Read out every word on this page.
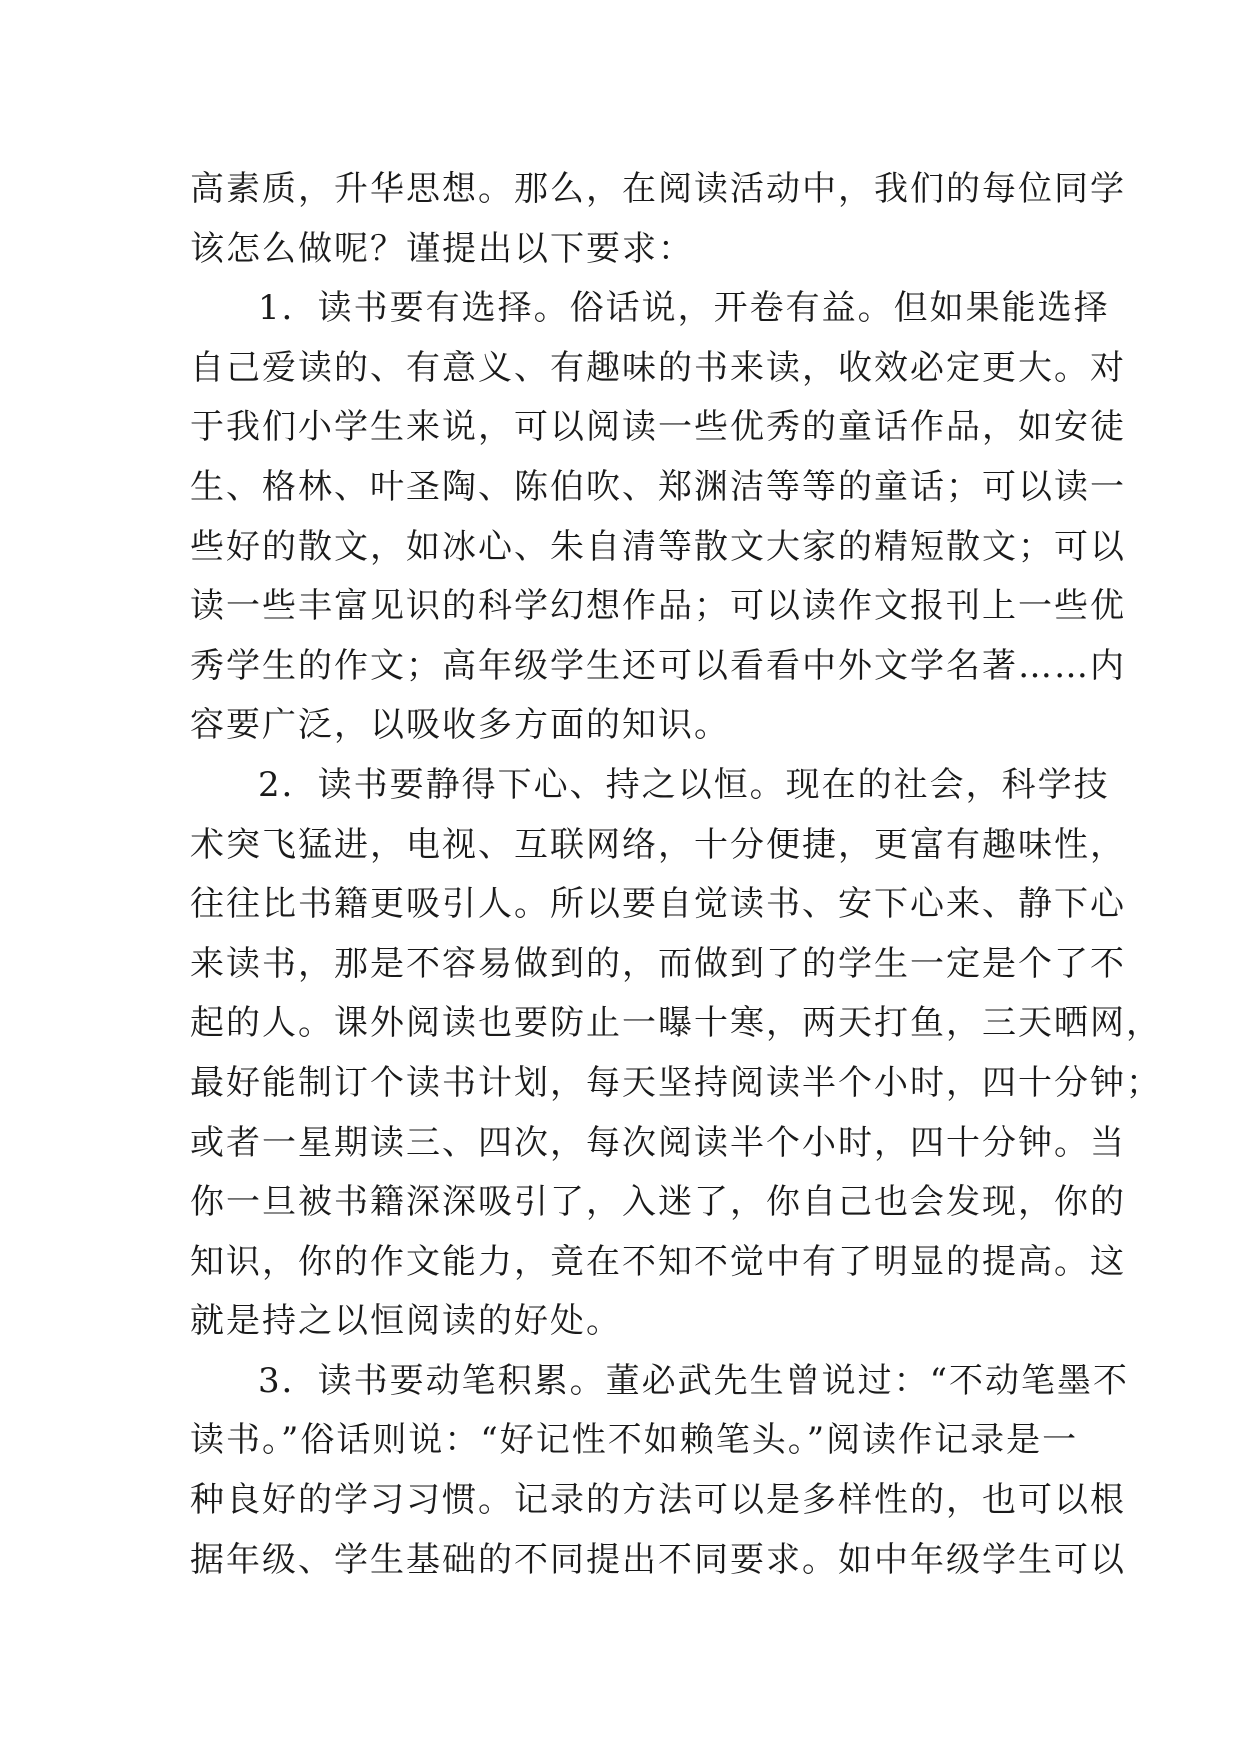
高素质，升华思想。那么，在阅读活动中，我们的每位同学
该怎么做呢？谨提出以下要求：
1．读书要有选择。俗话说，开卷有益。但如果能选择
自己爱读的、有意义、有趣味的书来读，收效必定更大。对
于我们小学生来说，可以阅读一些优秀的童话作品，如安徒
生、格林、叶圣陶、陈伯吹、郑渊洁等等的童话；可以读一
些好的散文，如冰心、朱自清等散文大家的精短散文；可以
读一些丰富见识的科学幻想作品；可以读作文报刊上一些优
秀学生的作文；高年级学生还可以看看中外文学名著……内
容要广泛，以吸收多方面的知识。
2．读书要静得下心、持之以恒。现在的社会，科学技
术突飞猛进，电视、互联网络，十分便捷，更富有趣味性，
往往比书籍更吸引人。所以要自觉读书、安下心来、静下心
来读书，那是不容易做到的，而做到了的学生一定是个了不
起的人。课外阅读也要防止一曝十寒，两天打鱼，三天晒网，
最好能制订个读书计划，每天坚持阅读半个小时，四十分钟；
或者一星期读三、四次，每次阅读半个小时，四十分钟。当
你一旦被书籍深深吸引了，入迷了，你自己也会发现，你的
知识，你的作文能力，竟在不知不觉中有了明显的提高。这
就是持之以恒阅读的好处。
3．读书要动笔积累。董必武先生曾说过：“不动笔墨不
读书。”俗话则说：“好记性不如赖笔头。”阅读作记录是一
种良好的学习习惯。记录的方法可以是多样性的，也可以根
据年级、学生基础的不同提出不同要求。如中年级学生可以
